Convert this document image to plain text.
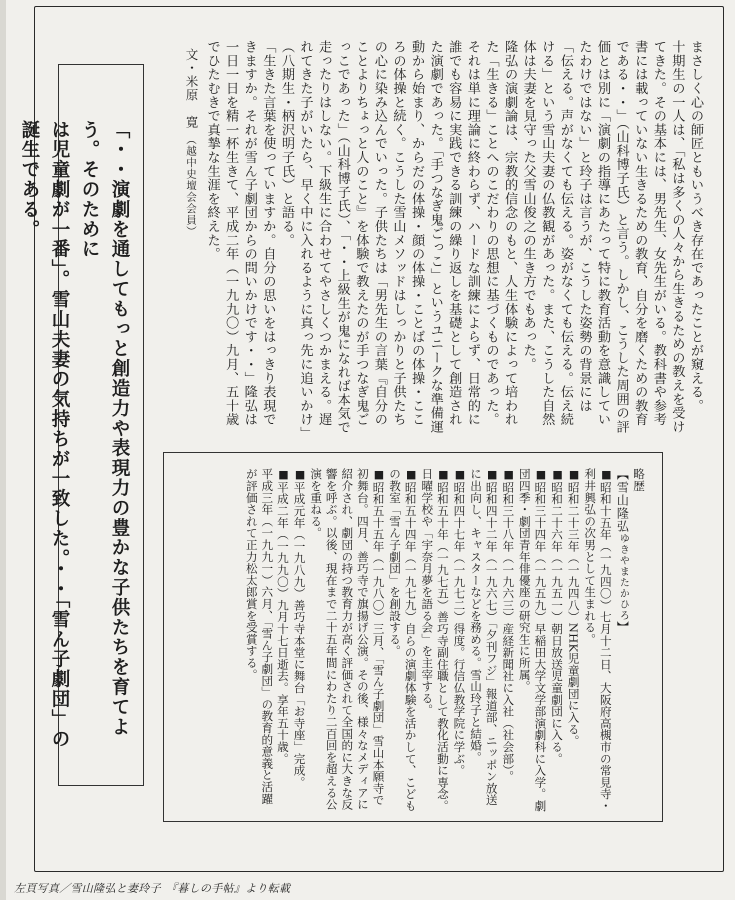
まさしく心の師匠ともいうべき存在であったことが窺える。

十期生の一人は、「私は多くの人々から生きるための教えを受けてきた。その基本には、男先生、女先生がいる。教科書や参考書には載っていない生きるための教育、自分を磨くための教育である・・」（山科博子氏）と言う。しかし、こうした周囲の評価とは別に「演劇の指導にあたって特に教育活動を意識していたわけではない」と玲子は言うが、こうした姿勢の背景には「伝える。声がなくても伝える。姿がなくても伝える。伝え続ける」という雪山夫妻の仏教観があった。また、こうした自然体は夫妻を見守った父雪山俊之の生き方でもあった。

隆弘の演劇論は、宗教的信念のもと、人生体験によって培われた「生きる」ことへのこだわりの思想に基づくものであった。それは単に理論に終わらず、ハードな訓練によらず、日常的に誰でも容易に実践できる訓練の繰り返しを基礎として創造された演劇であった。「手つなぎ鬼ごっこ」というユニークな準備運動から始まり、からだの体操・顔の体操・ことばの体操・こころの体操と続く。こうした雪山メソッドはしっかりと子供たちの心に染み込んでいった。子供たちは「男先生の言葉『自分のことよりちょっと人のこと』を体験で教えたのが手つなぎ鬼ごっこであった」（山科博子氏）、「・・上級生が鬼になれば本気で走ったりはしない。下級生に合わせてやさしくつかまえる。遅れてきた子がいたら、早く中に入れるように真っ先に追いかけ」（八期生・柄沢明子氏）と語る。

「生きた言葉を使っていますか。自分の思いをはっきり表現できますか。それが雪ん子劇団からの問いかけです・・」隆弘は一日一日を精一杯生きて、平成二年（一九九〇）九月、五十歳でひたむきで真摯な生涯を終えた。

文・米原　寛 （越中史壇会会員）
「・・演劇を通してもっと創造力や表現力の豊かな子供たちを育てよう。そのために
は児童劇が一番」。雪山夫妻の気持ちが一致した。・・「雪ん子劇団」の誕生である。

略歴

【雪山隆弘ゆきやまたかひろ】

■昭和十五年（一九四〇）七月十二日、大阪府高槻市の常見寺・利井興弘の次男として生まれる。

■昭和二十三年（一九四八）NHK児童劇団に入る。

■昭和二十六年（一九五一）朝日放送児童劇団に入る。

■昭和三十四年（一九五九）早稲田大学文学部演劇科に入学。劇団四季・劇団青年俳優座の研究生に所属。

■昭和三十八年（一九六三）産経新聞社に入社（社会部）。

■昭和四十二年（一九六七）「夕刊フジ」報道部、ニッポン放送に出向し、キャスターなどを務める。雪山玲子と結婚。

■昭和四十七年（一九七二）得度。行信仏教学院に学ぶ。

■昭和五十年（一九七五）善巧寺副住職として教化活動に専念。日曜学校や「宇奈月夢を語る会」を主宰する。

■昭和五十四年（一九七九）自らの演劇体験を活かして、こどもの教室「雪ん子劇団」を創設する。

■昭和五十五年（一九八〇）三月、「雪ん子劇団」雪山本願寺で初舞台。四月、善巧寺で旗揚げ公演。その後、様々なメディアに紹介され、劇団の持つ教育力が高く評価されて全国的に大きな反響を呼ぶ。以後、現在まで二十五年間にわたり二百回を超える公演を重ねる。

■平成元年（一九八九）善巧寺本堂に舞台「お寺座」完成。

■平成二年（一九九〇）九月十七日逝去。享年五十歳。

平成三年（一九九一）六月、「雪ん子劇団」の教育的意義と活躍が評価されて正力松太郎賞を受賞する。

左頁写真／雪山隆弘と妻玲子 『暮しの手帖』より転載
